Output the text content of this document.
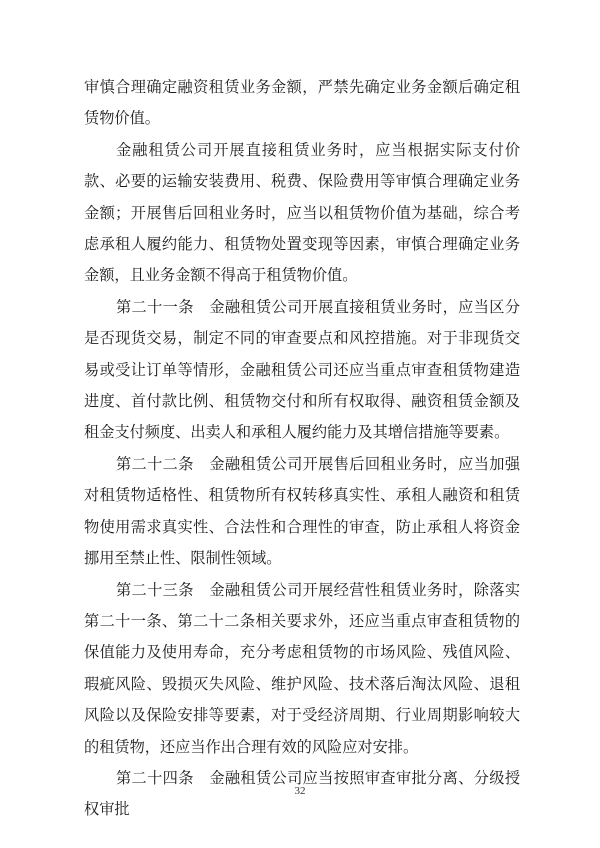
审慎合理确定融资租赁业务金额，严禁先确定业务金额后确定租赁物价值。

金融租赁公司开展直接租赁业务时，应当根据实际支付价款、必要的运输安装费用、税费、保险费用等审慎合理确定业务金额；开展售后回租业务时，应当以租赁物价值为基础，综合考虑承租人履约能力、租赁物处置变现等因素，审慎合理确定业务金额，且业务金额不得高于租赁物价值。

第二十一条　金融租赁公司开展直接租赁业务时，应当区分是否现货交易，制定不同的审查要点和风控措施。对于非现货交易或受让订单等情形，金融租赁公司还应当重点审查租赁物建造进度、首付款比例、租赁物交付和所有权取得、融资租赁金额及租金支付频度、出卖人和承租人履约能力及其增信措施等要素。

第二十二条　金融租赁公司开展售后回租业务时，应当加强对租赁物适格性、租赁物所有权转移真实性、承租人融资和租赁物使用需求真实性、合法性和合理性的审查，防止承租人将资金挪用至禁止性、限制性领域。

第二十三条　金融租赁公司开展经营性租赁业务时，除落实第二十一条、第二十二条相关要求外，还应当重点审查租赁物的保值能力及使用寿命，充分考虑租赁物的市场风险、残值风险、瑕疵风险、毁损灭失风险、维护风险、技术落后淘汰风险、退租风险以及保险安排等要素，对于受经济周期、行业周期影响较大的租赁物，还应当作出合理有效的风险应对安排。

第二十四条　金融租赁公司应当按照审查审批分离、分级授权审批

32
